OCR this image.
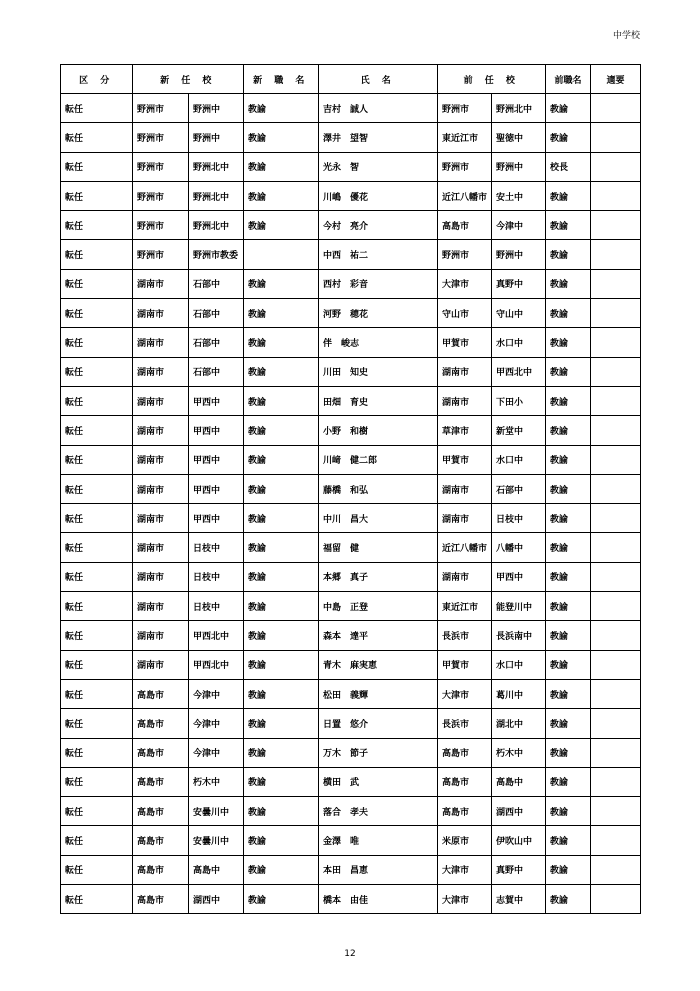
中学校
区 分	新 任 校		新 職 名	氏 名	前 任 校		前職名	適要
転任	野洲市	野洲中	教諭	吉村　誠人	野洲市	野洲北中	教諭	
転任	野洲市	野洲中	教諭	澤井　望智	東近江市	聖徳中	教諭	
転任	野洲市	野洲北中	教諭	光永　智	野洲市	野洲中	校長	
転任	野洲市	野洲北中	教諭	川嶋　優花	近江八幡市	安土中	教諭	
転任	野洲市	野洲北中	教諭	今村　亮介	高島市	今津中	教諭	
転任	野洲市	野洲市教委		中西　祐二	野洲市	野洲中	教諭	
転任	湖南市	石部中	教諭	西村　彩音	大津市	真野中	教諭	
転任	湖南市	石部中	教諭	河野　穂花	守山市	守山中	教諭	
転任	湖南市	石部中	教諭	伴　峻志	甲賀市	水口中	教諭	
転任	湖南市	石部中	教諭	川田　知史	湖南市	甲西北中	教諭	
転任	湖南市	甲西中	教諭	田畑　育史	湖南市	下田小	教諭	
転任	湖南市	甲西中	教諭	小野　和樹	草津市	新堂中	教諭	
転任	湖南市	甲西中	教諭	川﨑　健二郎	甲賀市	水口中	教諭	
転任	湖南市	甲西中	教諭	藤橋　和弘	湖南市	石部中	教諭	
転任	湖南市	甲西中	教諭	中川　昌大	湖南市	日枝中	教諭	
転任	湖南市	日枝中	教諭	福留　健	近江八幡市	八幡中	教諭	
転任	湖南市	日枝中	教諭	本郷　真子	湖南市	甲西中	教諭	
転任	湖南市	日枝中	教諭	中島　正登	東近江市	能登川中	教諭	
転任	湖南市	甲西北中	教諭	森本　達平	長浜市	長浜南中	教諭	
転任	湖南市	甲西北中	教諭	青木　麻実恵	甲賀市	水口中	教諭	
転任	高島市	今津中	教諭	松田　義輝	大津市	葛川中	教諭	
転任	高島市	今津中	教諭	日置　悠介	長浜市	湖北中	教諭	
転任	高島市	今津中	教諭	万木　節子	高島市	朽木中	教諭	
転任	高島市	朽木中	教諭	横田　武	高島市	高島中	教諭	
転任	高島市	安曇川中	教諭	落合　孝夫	高島市	湖西中	教諭	
転任	高島市	安曇川中	教諭	金澤　唯	米原市	伊吹山中	教諭	
転任	高島市	高島中	教諭	本田　昌恵	大津市	真野中	教諭	
転任	高島市	湖西中	教諭	橋本　由佳	大津市	志賀中	教諭	
12
